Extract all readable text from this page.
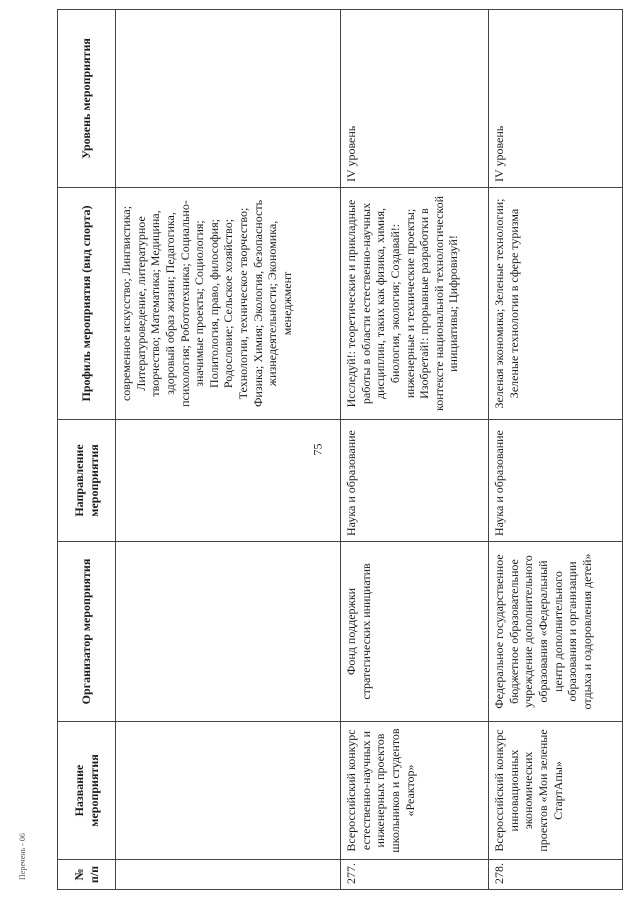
75
№ п/п	Название мероприятия	Организатор мероприятия	Направление мероприятия	Профиль мероприятия (вид спорта)	Уровень мероприятия
				современное искусство; Лингвистика; Литературоведение, литературное творчество; Математика; Медицина, здоровый образ жизни; Педагогика, психология; Робототехника; Социально-значимые проекты; Социология; Политология, право, философия; Родословие; Сельское хозяйство; Технологии, техническое творчество; Физика; Химия; Экология, безопасность жизнедеятельности; Экономика, менеджмент	
277.	Всероссийский конкурс естественно-научных и инженерных проектов школьников и студентов «Реактор»	Фонд поддержки стратегических инициатив	Наука и образование	Исследуй!: теоретические и прикладные работы в области естественно-научных дисциплин, таких как физика, химия, биология, экология; Создавай!: инженерные и технические проекты; Изобретай!: прорывные разработки в контексте национальной технологической инициативы; Цифровизуй!	IV уровень
278.	Всероссийский конкурс инновационных экономических проектов «Мои зеленые СтартАпы»	Федеральное государственное бюджетное образовательное учреждение дополнительного образования «Федеральный центр дополнительного образования и организации отдыха и оздоровления детей»	Наука и образование	Зеленая экономика; Зеленые технологии; Зеленые технологии в сфере туризма	IV уровень
Перечень - 06
